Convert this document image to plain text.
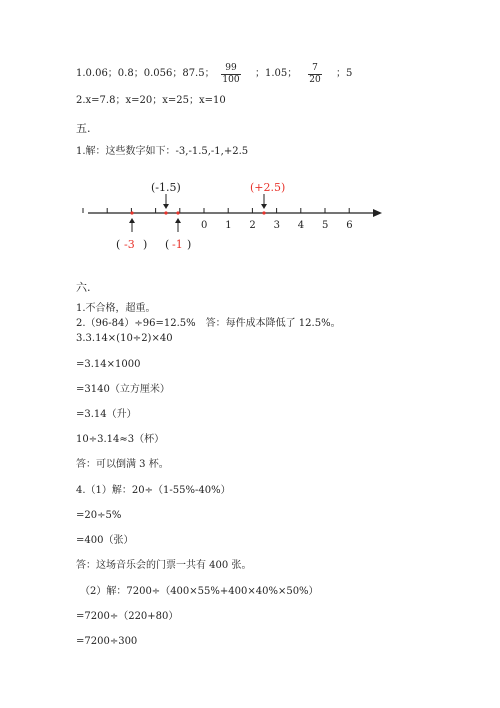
1.0.06；0.8；0.056；87.5； $\frac{99}{100}$ ；1.05； $\frac{7}{20}$ ；5
2.x=7.8；x=20；x=25；x=10
五.
1.解：这些数字如下：-3,-1.5,-1,+2.5
0 1 2 3 4 5 6
( -3 )
(-1.5)
( -1 )
(+2.5)
六.
1.不合格，超重。
2.（96-84）÷96=12.5%　答：每件成本降低了 12.5%。
3.3.14×(10÷2)×40
=3.14×1000
=3140（立方厘米）
=3.14（升）
10÷3.14≈3（杯）
答：可以倒满 3 杯。
4.（1）解：20÷（1-55%-40%）
=20÷5%
=400（张）
答：这场音乐会的门票一共有 400 张。
（2）解：7200÷（400×55%+400×40%×50%）
=7200÷（220+80）
=7200÷300
